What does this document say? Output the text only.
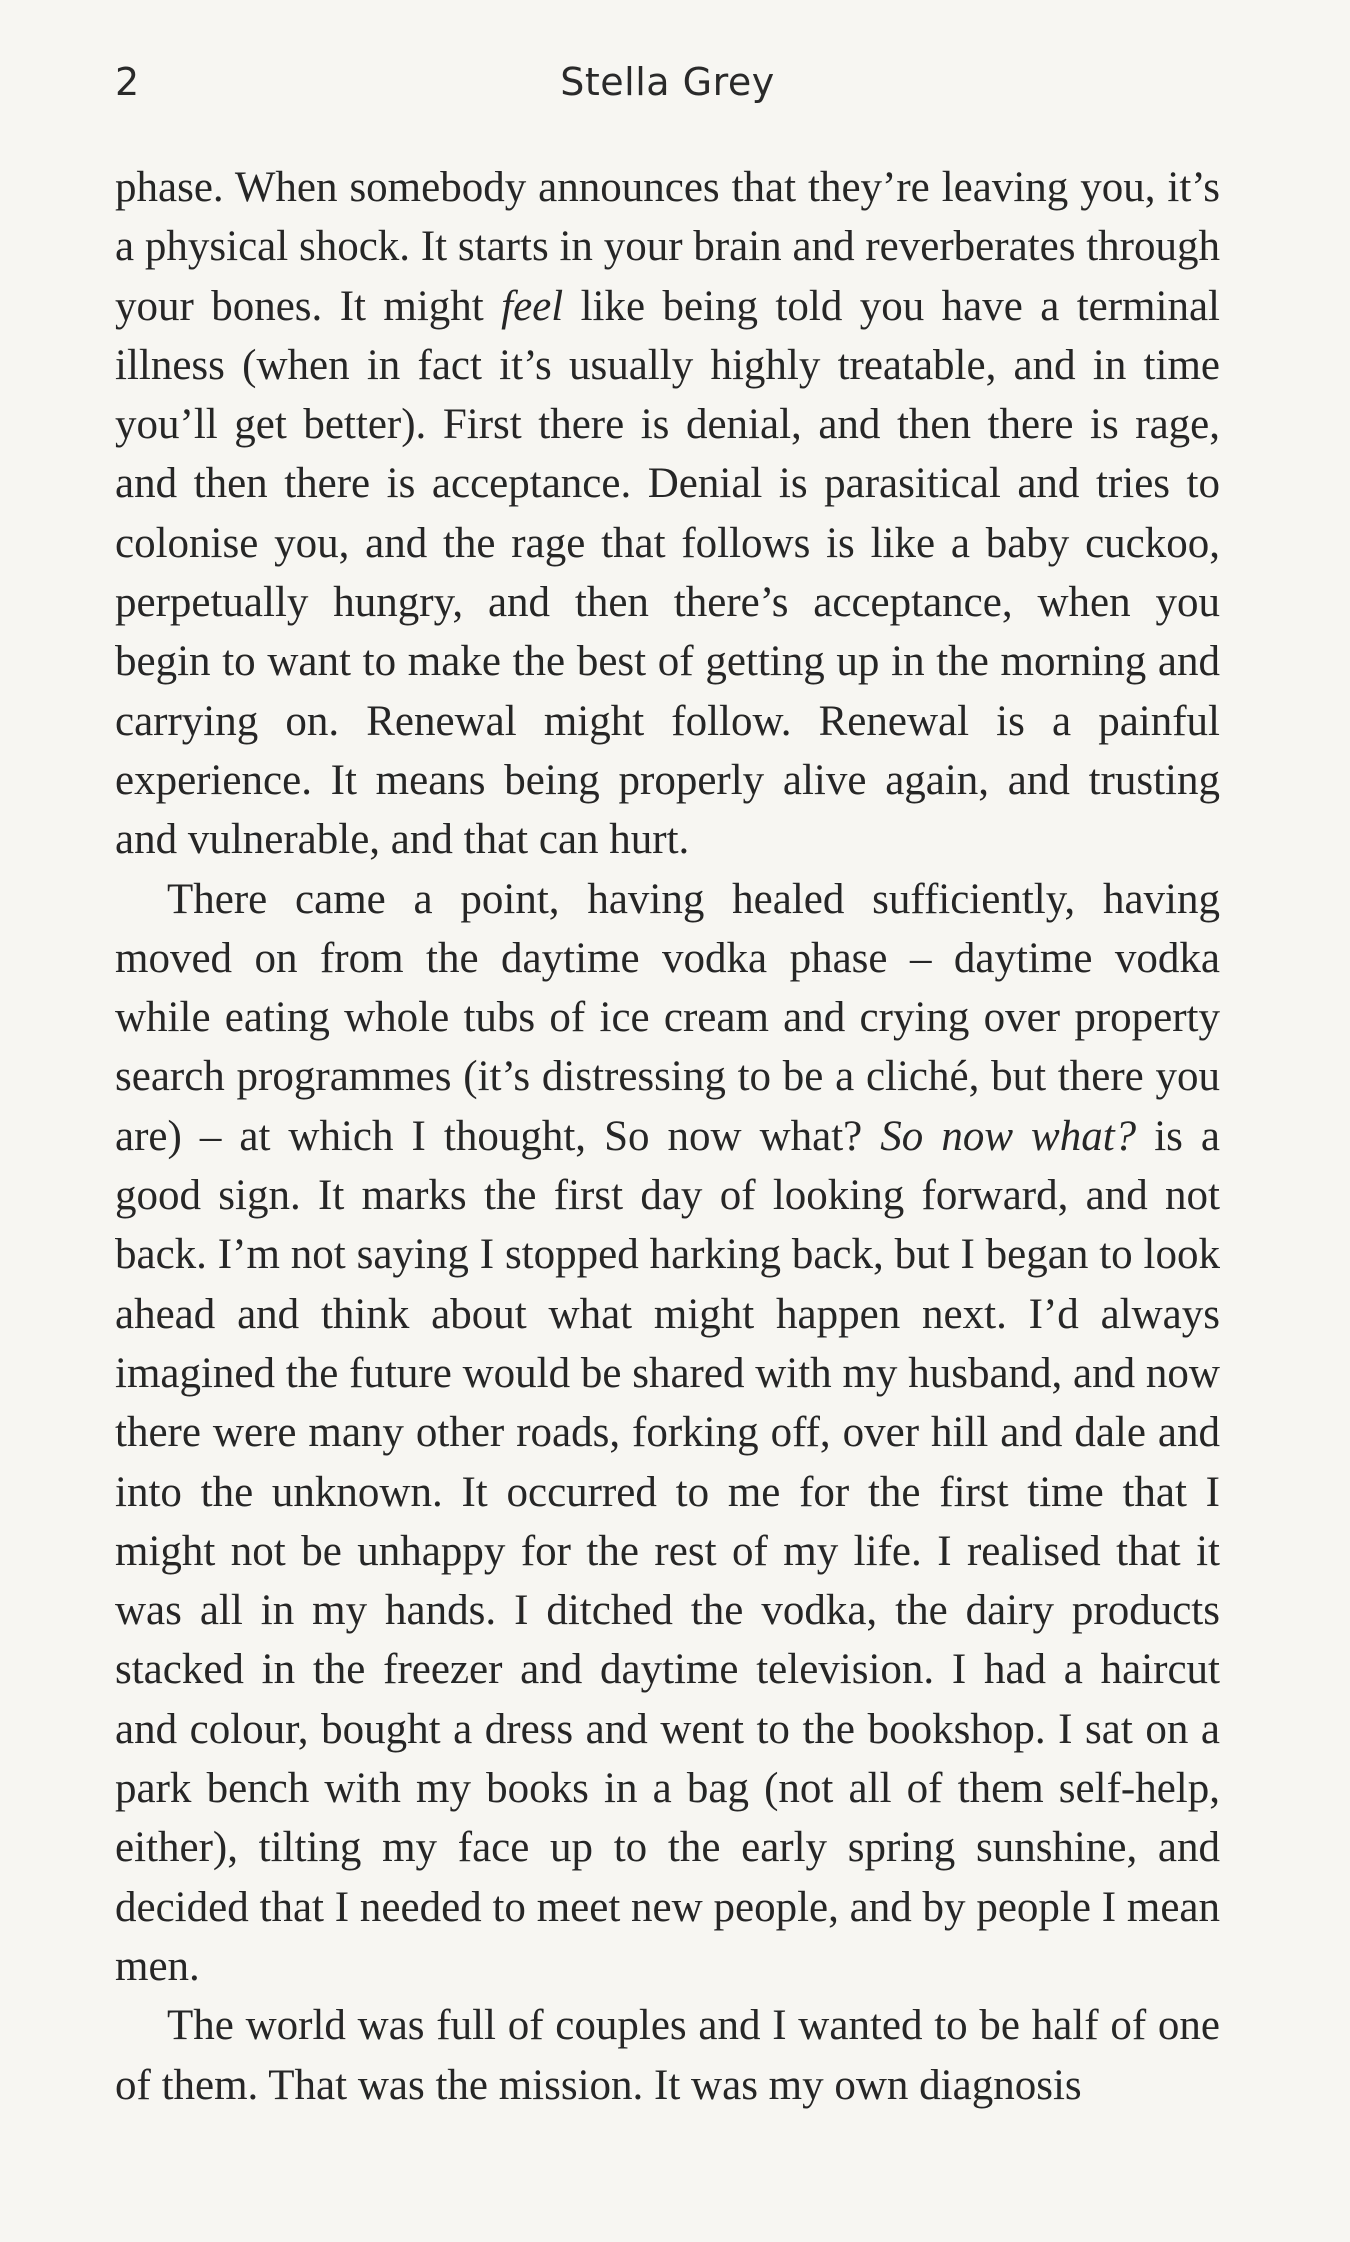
2	Stella Grey

phase. When somebody announces that they’re leaving you, it’s a physical shock. It starts in your brain and reverberates through your bones. It might feel like being told you have a terminal illness (when in fact it’s usually highly treatable, and in time you’ll get better). First there is denial, and then there is rage, and then there is acceptance. Denial is parasitical and tries to colonise you, and the rage that follows is like a baby cuckoo, perpetually hungry, and then there’s acceptance, when you begin to want to make the best of getting up in the morning and carrying on. Renewal might follow. Renewal is a painful experience. It means being properly alive again, and trusting and vulnerable, and that can hurt.

There came a point, having healed sufficiently, having moved on from the daytime vodka phase – daytime vodka while eating whole tubs of ice cream and crying over property search programmes (it’s distressing to be a cliché, but there you are) – at which I thought, So now what? So now what? is a good sign. It marks the first day of looking forward, and not back. I’m not saying I stopped harking back, but I began to look ahead and think about what might happen next. I’d always imagined the future would be shared with my husband, and now there were many other roads, forking off, over hill and dale and into the unknown. It occurred to me for the first time that I might not be unhappy for the rest of my life. I realised that it was all in my hands. I ditched the vodka, the dairy products stacked in the freezer and daytime television. I had a haircut and colour, bought a dress and went to the bookshop. I sat on a park bench with my books in a bag (not all of them self-help, either), tilting my face up to the early spring sunshine, and decided that I needed to meet new people, and by people I mean men.

The world was full of couples and I wanted to be half of one of them. That was the mission. It was my own diagnosis
